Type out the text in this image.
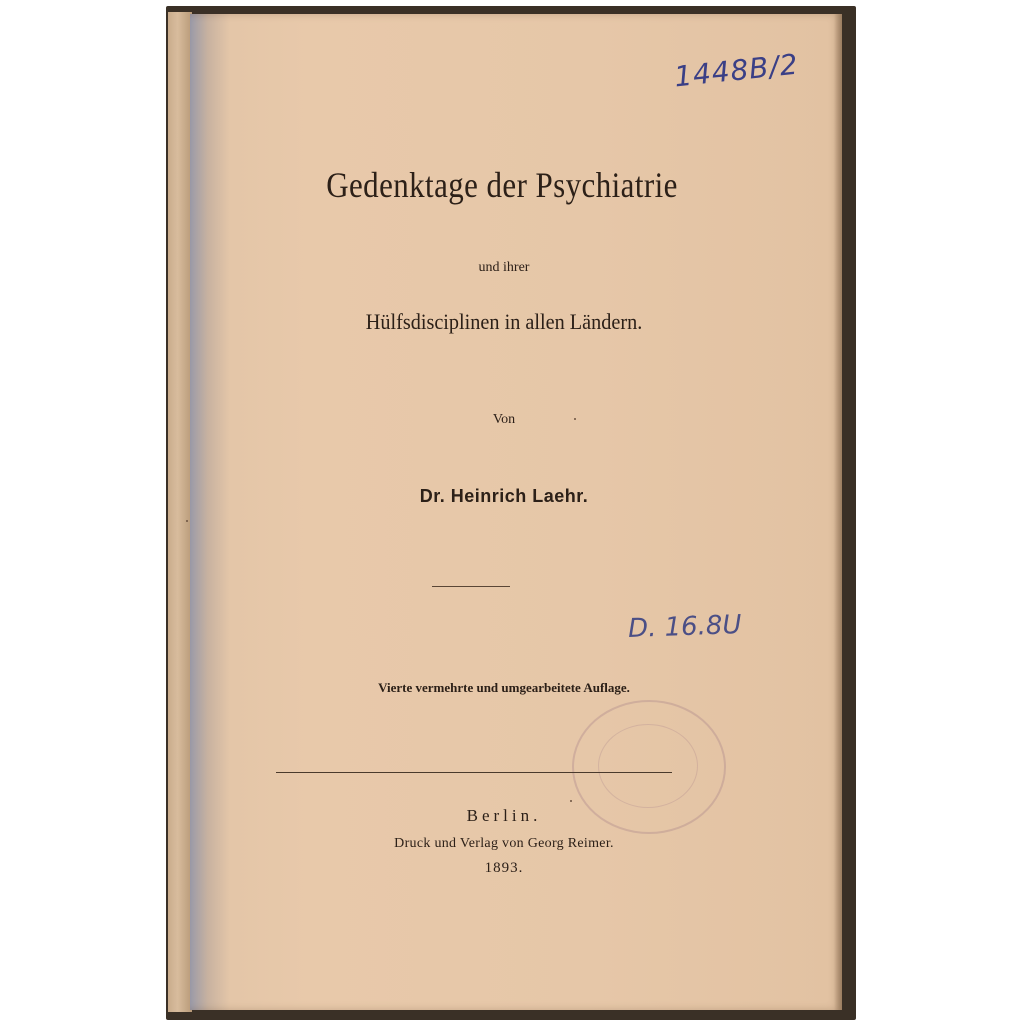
1448B/2
Gedenktage der Psychiatrie
und ihrer
Hülfsdisciplinen in allen Ländern.
Von
Dr. Heinrich Laehr.
D. 16.8U
Vierte vermehrte und umgearbeitete Auflage.
Berlin.
Druck und Verlag von Georg Reimer.
1893.
